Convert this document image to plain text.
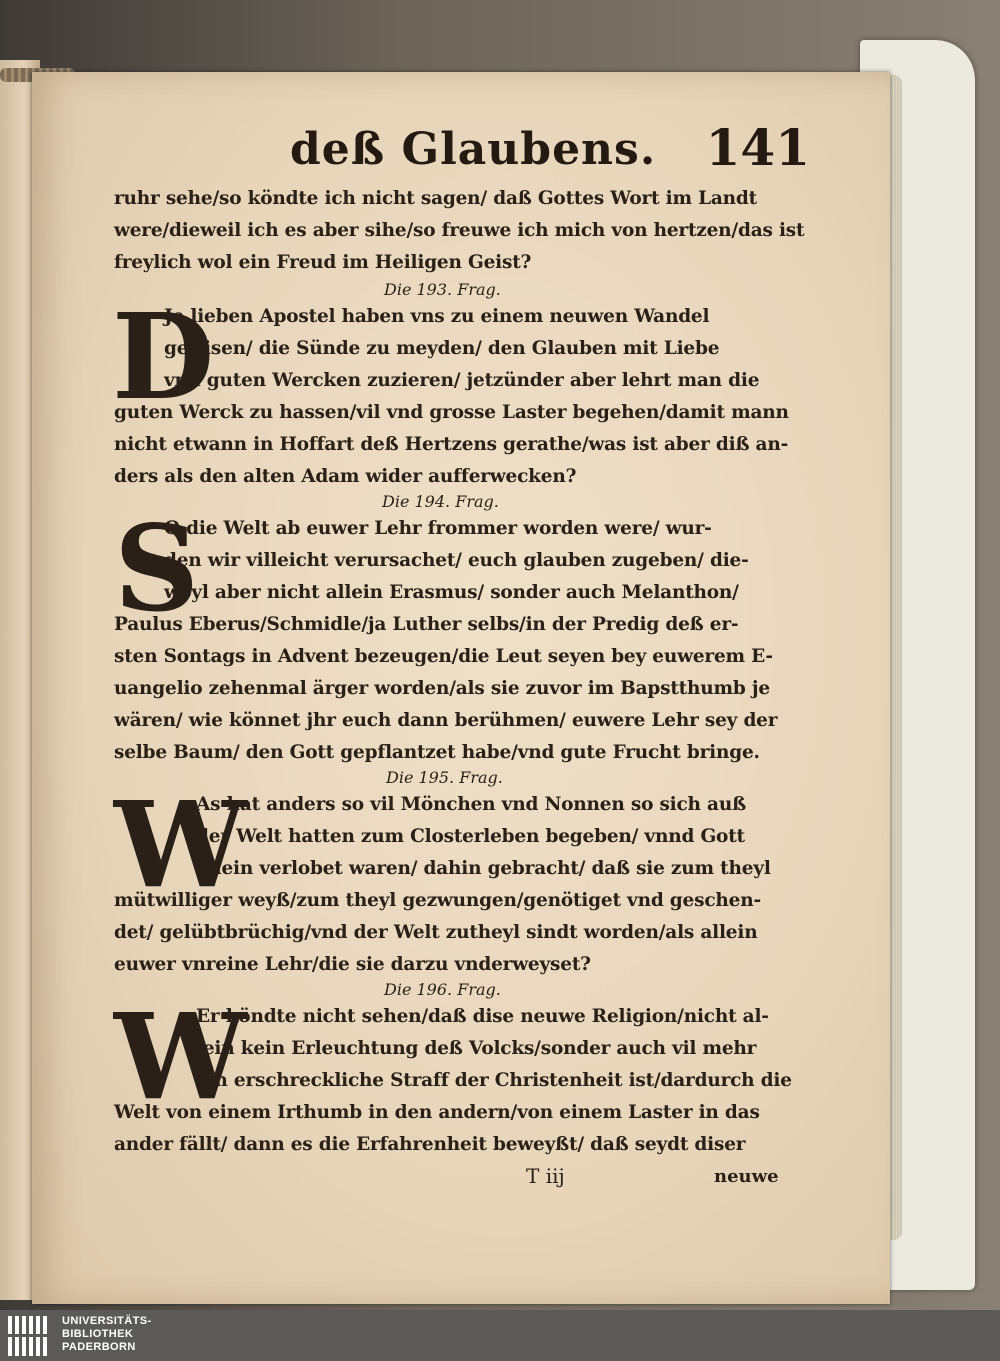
deß Glaubens. 141
ruhr sehe/so köndte ich nicht sagen/ daß Gottes Wort im Landt
were/dieweil ich es aber sihe/so freuwe ich mich von hertzen/das ist
freylich wol ein Freud im Heiligen Geist?
Die 193. Frag.
D
Je lieben Apostel haben vns zu einem neuwen Wandel
gewisen/ die Sünde zu meyden/ den Glauben mit Liebe
vnd guten Wercken zuzieren/ jetzünder aber lehrt man die
guten Werck zu hassen/vil vnd grosse Laster begehen/damit mann
nicht etwann in Hoffart deß Hertzens gerathe/was ist aber diß an-
ders als den alten Adam wider aufferwecken?
Die 194. Frag.
S
O die Welt ab euwer Lehr frommer worden were/ wur-
den wir villeicht verursachet/ euch glauben zugeben/ die-
weyl aber nicht allein Erasmus/ sonder auch Melanthon/
Paulus Eberus/Schmidle/ja Luther selbs/in der Predig deß er-
sten Sontags in Advent bezeugen/die Leut seyen bey euwerem E-
uangelio zehenmal ärger worden/als sie zuvor im Bapstthumb je
wären/ wie könnet jhr euch dann berühmen/ euwere Lehr sey der
selbe Baum/ den Gott gepflantzet habe/vnd gute Frucht bringe.
Die 195. Frag.
W
As hat anders so vil Mönchen vnd Nonnen so sich auß
der Welt hatten zum Closterleben begeben/ vnnd Gott
allein verlobet waren/ dahin gebracht/ daß sie zum theyl
mütwilliger weyß/zum theyl gezwungen/genötiget vnd geschen-
det/ gelübtbrüchig/vnd der Welt zutheyl sindt worden/als allein
euwer vnreine Lehr/die sie darzu vnderweyset?
Die 196. Frag.
W
Er köndte nicht sehen/daß dise neuwe Religion/nicht al-
lein kein Erleuchtung deß Volcks/sonder auch vil mehr
ein erschreckliche Straff der Christenheit ist/dardurch die
Welt von einem Irthumb in den andern/von einem Laster in das
ander fällt/ dann es die Erfahrenheit beweyßt/ daß seydt diser
T iij	neuwe
UNIVERSITÄTS-
BIBLIOTHEK
PADERBORN
